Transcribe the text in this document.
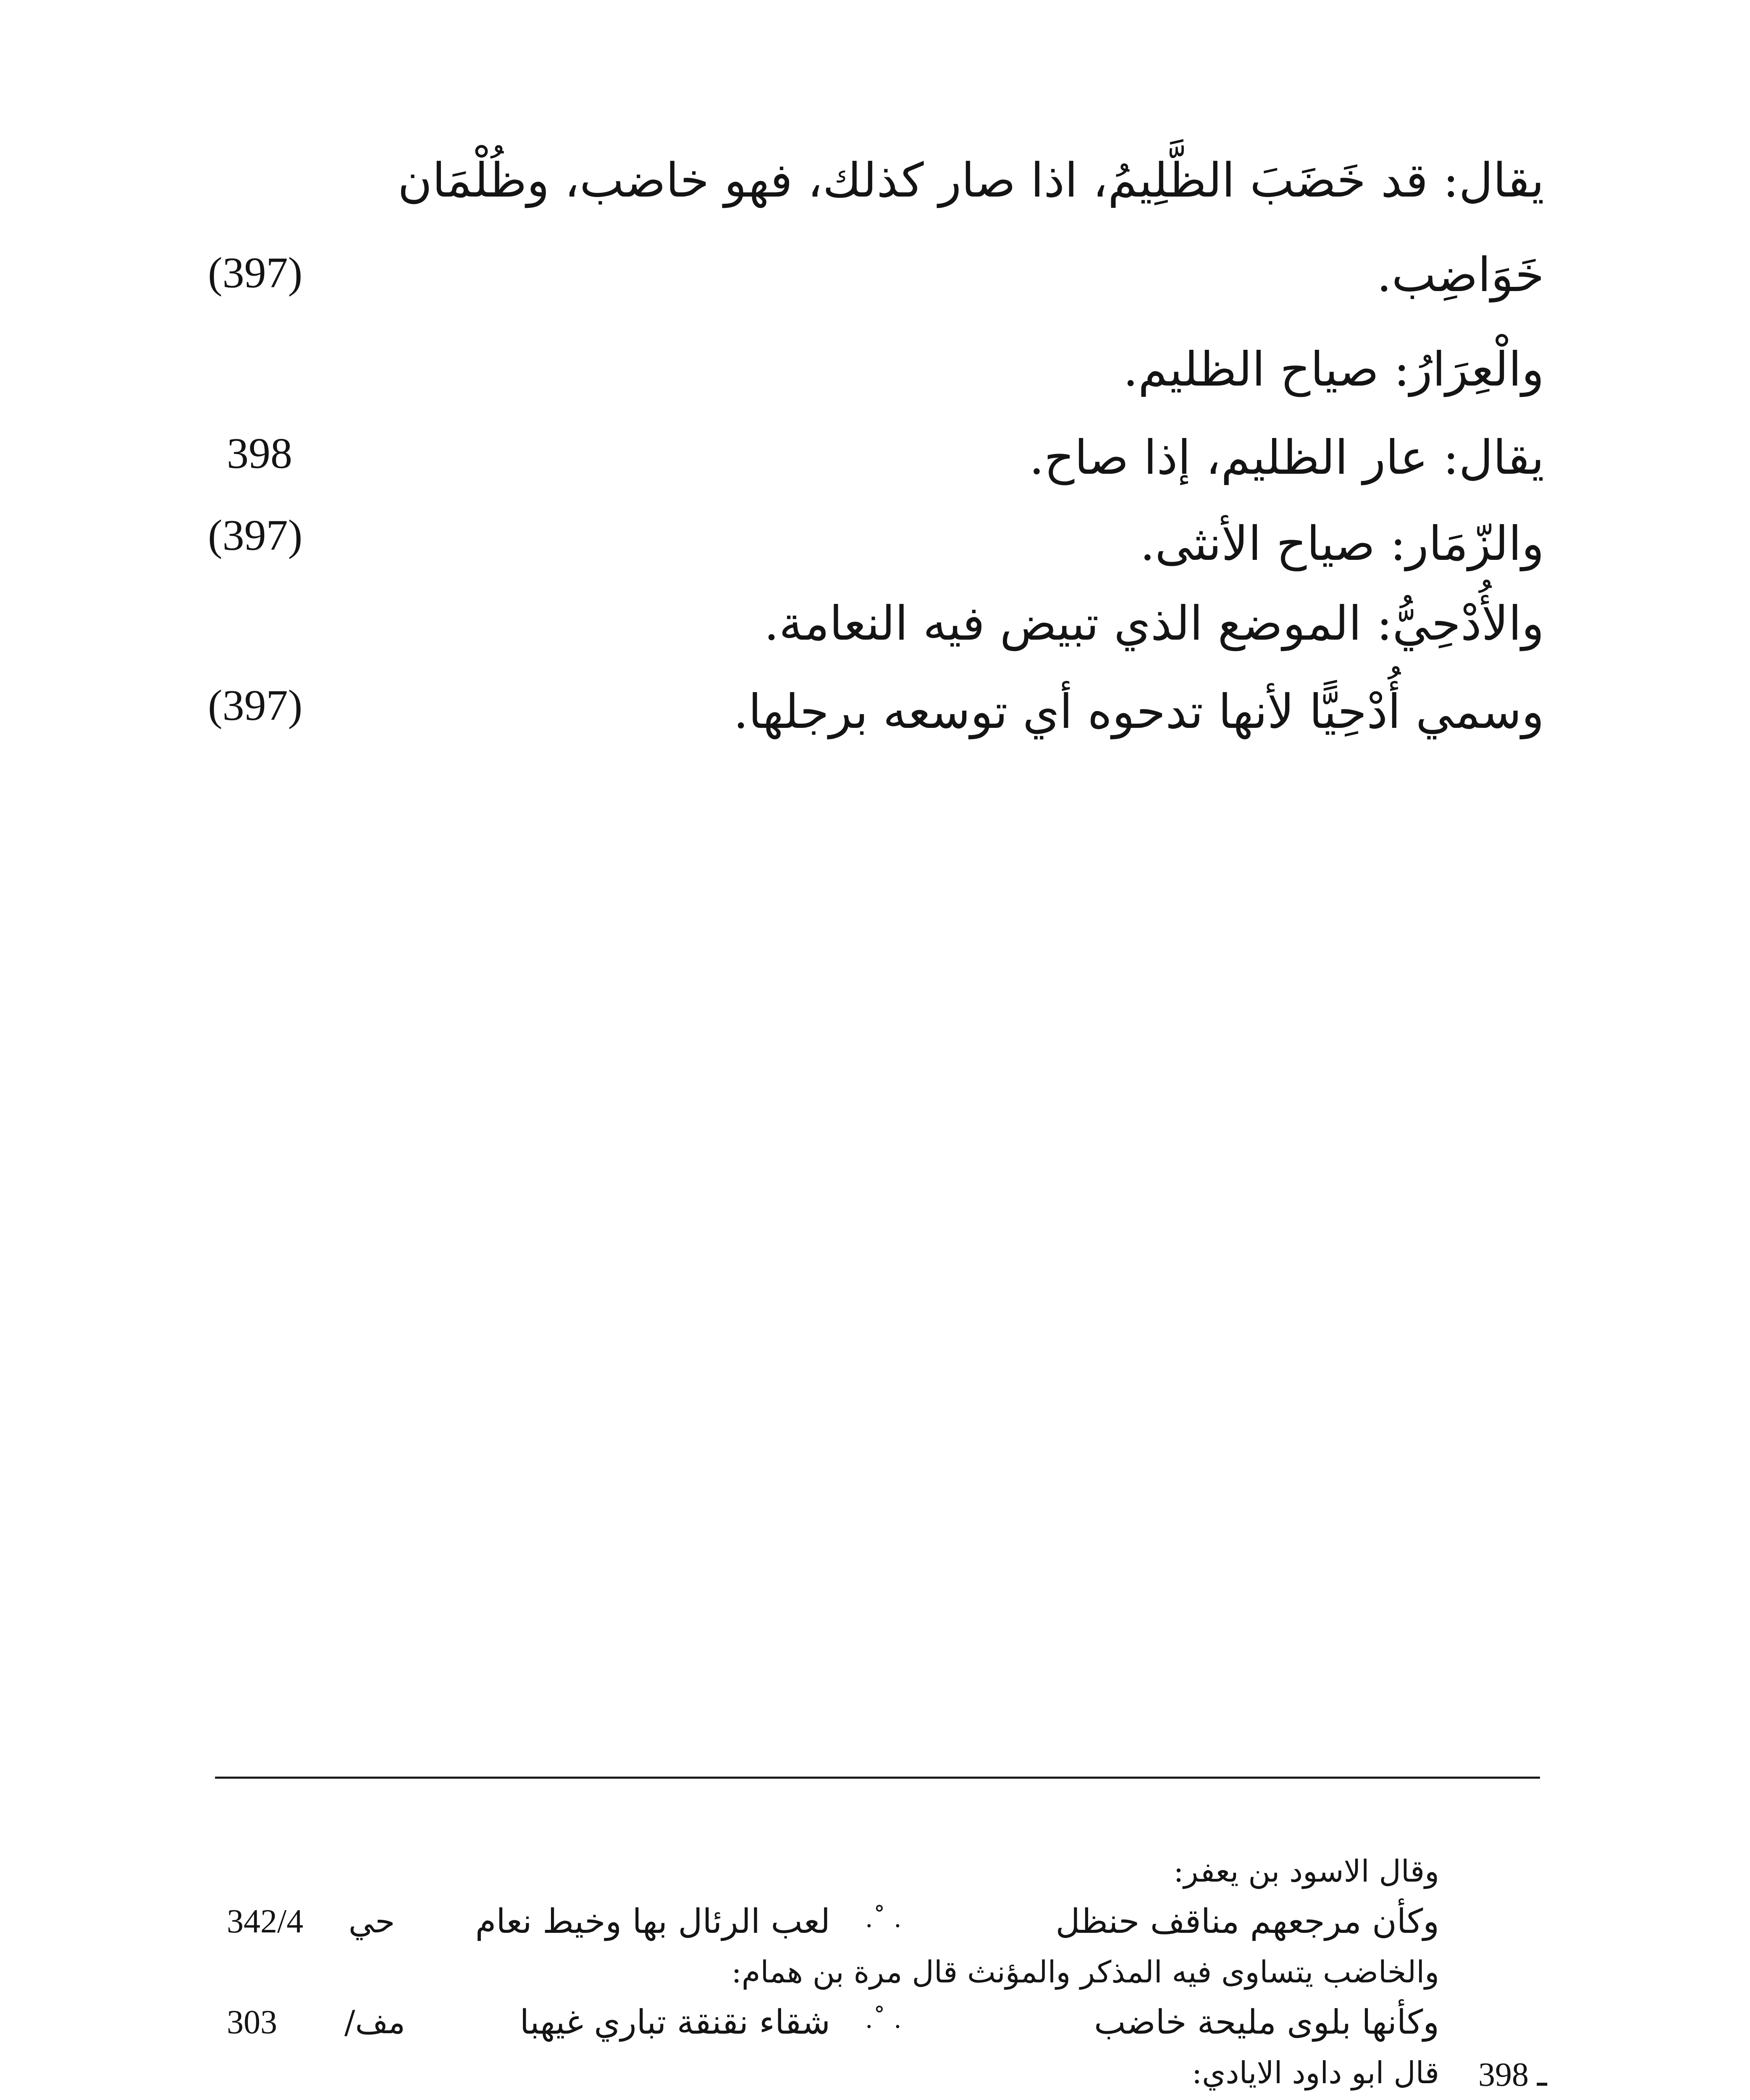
يقال: قد خَضَبَ الظَّلِيمُ، اذا صار كذلك، فهو خاضب، وظُلْمَان
خَوَاضِب.
والْعِرَارُ: صياح الظليم.
يقال: عار الظليم، إذا صاح.
والزّمَار: صياح الأنثى.
والأُدْحِيُّ: الموضع الذي تبيض فيه النعامة.
وسمي أُدْحِيًّا لأنها تدحوه أي توسعه برجلها.
(397)
398
(397)
(397)
وقال الاسود بن يعفر:
وكأن مرجعهم مناقف حنظل
. ˚.
لعب الرئال بها وخيط نعام
حي
342/4
والخاضب يتساوى فيه المذكر والمؤنث قال مرة بن همام:
وكأنها بلوى مليحة خاضب
. ˚.
شقاء نقنقة تباري غيهبا
مف/
303
398 ـ
قال ابو داود الايادي:
